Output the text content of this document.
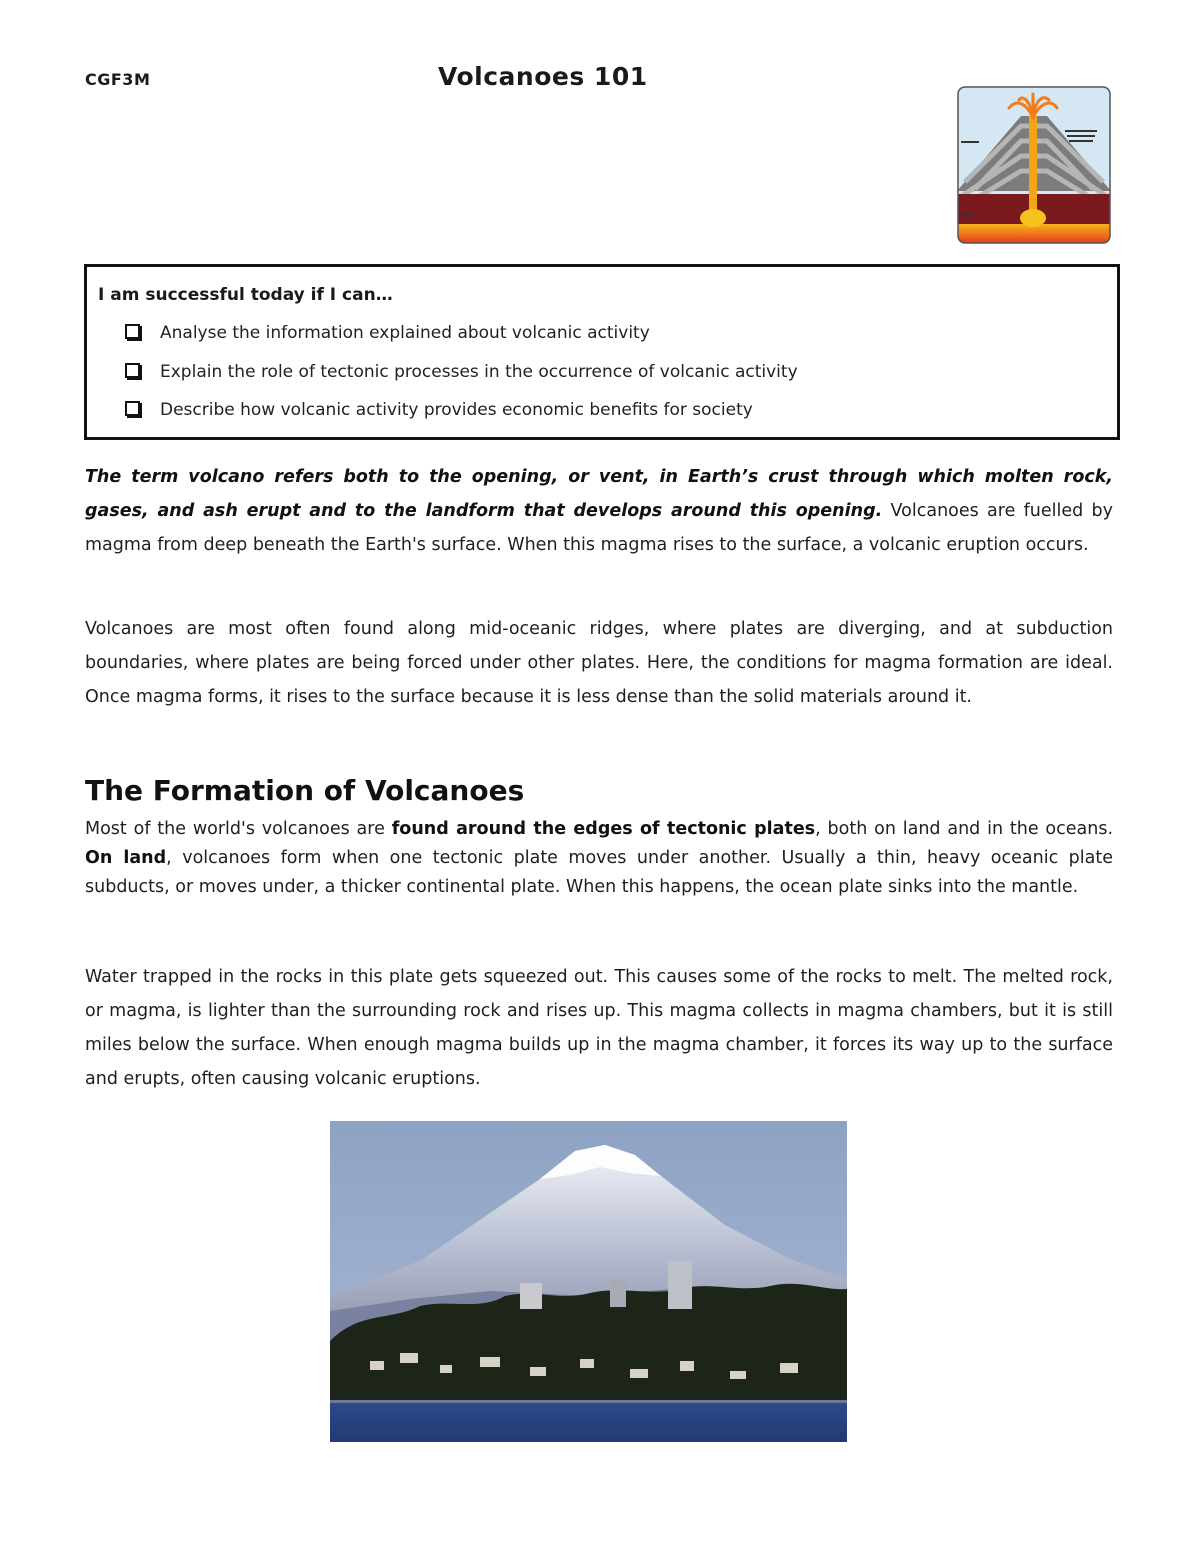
CGF3M	Volcanoes 101
I am successful today if I can…
Analyse the information explained about volcanic activity
Explain the role of tectonic processes in the occurrence of volcanic activity
Describe how volcanic activity provides economic benefits for society

The term volcano refers both to the opening, or vent, in Earth’s crust through which molten rock, gases, and ash erupt and to the landform that develops around this opening. Volcanoes are fuelled by magma from deep beneath the Earth's surface. When this magma rises to the surface, a volcanic eruption occurs.

Volcanoes are most often found along mid-oceanic ridges, where plates are diverging, and at subduction boundaries, where plates are being forced under other plates. Here, the conditions for magma formation are ideal. Once magma forms, it rises to the surface because it is less dense than the solid materials around it.

The Formation of Volcanoes

Most of the world's volcanoes are found around the edges of tectonic plates, both on land and in the oceans. On land, volcanoes form when one tectonic plate moves under another. Usually a thin, heavy oceanic plate subducts, or moves under, a thicker continental plate. When this happens, the ocean plate sinks into the mantle.

Water trapped in the rocks in this plate gets squeezed out. This causes some of the rocks to melt. The melted rock, or magma, is lighter than the surrounding rock and rises up. This magma collects in magma chambers, but it is still miles below the surface. When enough magma builds up in the magma chamber, it forces its way up to the surface and erupts, often causing volcanic eruptions.
